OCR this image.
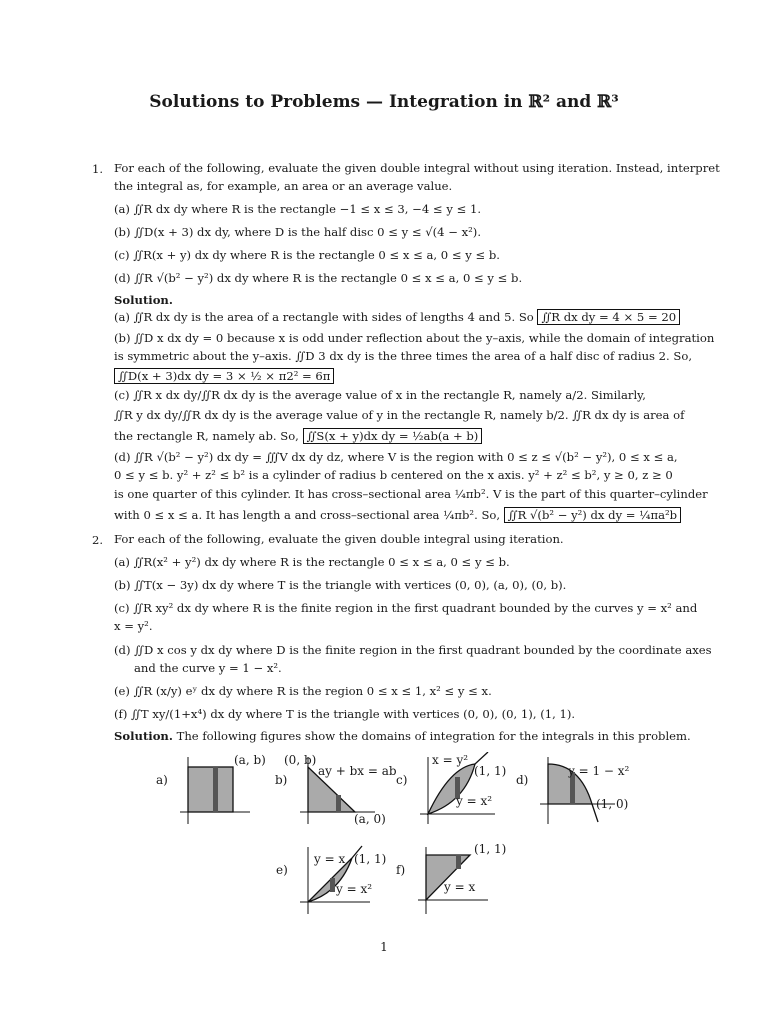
Solutions to Problems — Integration in ℝ² and ℝ³
1. For each of the following, evaluate the given double integral without using iteration. Instead, interpret
the integral as, for example, an area or an average value.
(a) ∬R dx dy where R is the rectangle −1 ≤ x ≤ 3, −4 ≤ y ≤ 1.
(b) ∬D(x + 3) dx dy, where D is the half disc 0 ≤ y ≤ √(4 − x²).
(c) ∬R(x + y) dx dy where R is the rectangle 0 ≤ x ≤ a, 0 ≤ y ≤ b.
(d) ∬R √(b² − y²) dx dy where R is the rectangle 0 ≤ x ≤ a, 0 ≤ y ≤ b.
Solution.
(a) ∬R dx dy is the area of a rectangle with sides of lengths 4 and 5. So ∬R dx dy = 4 × 5 = 20
(b) ∬D x dx dy = 0 because x is odd under reflection about the y–axis, while the domain of integration
is symmetric about the y–axis. ∬D 3 dx dy is the three times the area of a half disc of radius 2. So,
∬D(x + 3)dx dy = 3 × ½ × π2² = 6π
(c) ∬R x dx dy/∬R dx dy is the average value of x in the rectangle R, namely a/2. Similarly,
∬R y dx dy/∬R dx dy is the average value of y in the rectangle R, namely b/2. ∬R dx dy is area of
the rectangle R, namely ab. So, ∬S(x + y)dx dy = ½ab(a + b)
(d) ∬R √(b² − y²) dx dy = ∭V dx dy dz, where V is the region with 0 ≤ z ≤ √(b² − y²), 0 ≤ x ≤ a,
0 ≤ y ≤ b. y² + z² ≤ b² is a cylinder of radius b centered on the x axis. y² + z² ≤ b², y ≥ 0, z ≥ 0
is one quarter of this cylinder. It has cross–sectional area ¼πb². V is the part of this quarter–cylinder
with 0 ≤ x ≤ a. It has length a and cross–sectional area ¼πb². So, ∬R √(b² − y²) dx dy = ¼πa²b
2. For each of the following, evaluate the given double integral using iteration.
(a) ∬R(x² + y²) dx dy where R is the rectangle 0 ≤ x ≤ a, 0 ≤ y ≤ b.
(b) ∬T(x − 3y) dx dy where T is the triangle with vertices (0, 0), (a, 0), (0, b).
(c) ∬R xy² dx dy where R is the finite region in the first quadrant bounded by the curves y = x² and
x = y².
(d) ∬D x cos y dx dy where D is the finite region in the first quadrant bounded by the coordinate axes
and the curve y = 1 − x².
(e) ∬R (x/y) eʸ dx dy where R is the region 0 ≤ x ≤ 1, x² ≤ y ≤ x.
(f) ∬T xy/(1+x⁴) dx dy where T is the triangle with vertices (0, 0), (0, 1), (1, 1).
Solution. The following figures show the domains of integration for the integrals in this problem.
a)
(a, b)
b)
(0, b)
ay + bx = ab
(a, 0)
c)
x = y²
(1, 1)
y = x²
d)
y = 1 − x²
(1, 0)
e)
y = x (1, 1)
y = x²
f)
(1, 1)
y = x
1
